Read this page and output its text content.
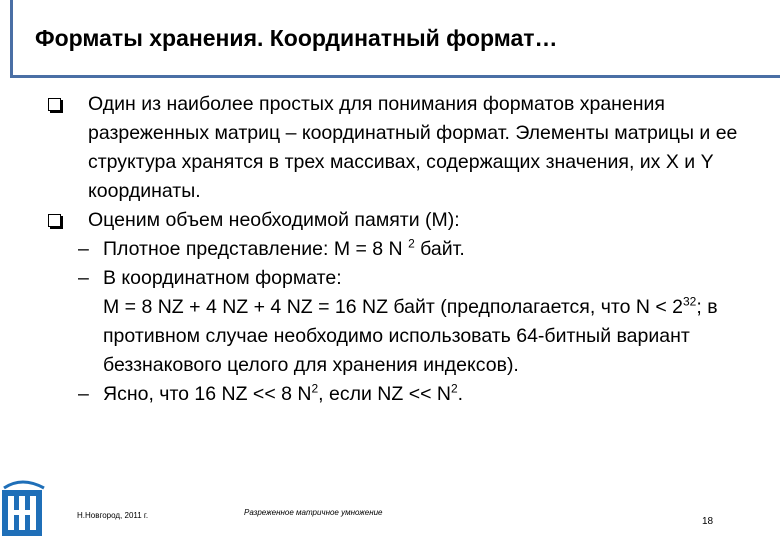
Форматы хранения. Координатный формат…
Один из наиболее простых для понимания форматов хранения разреженных матриц – координатный формат. Элементы матрицы и ее структура хранятся в трех массивах, содержащих значения, их X и Y координаты.
Оценим объем необходимой памяти (M):
– Плотное представление: M = 8 N $^2$ байт.
– В координатном формате:
M = 8 NZ + 4 NZ + 4 NZ = 16 NZ байт (предполагается, что $N < 2^{32}$; в противном случае необходимо использовать 64-битный вариант беззнакового целого для хранения индексов).
– Ясно, что 16 NZ << 8 $N^2$, если NZ << $N^2$.
Н.Новгород, 2011 г.	Разреженное матричное умножение
18
